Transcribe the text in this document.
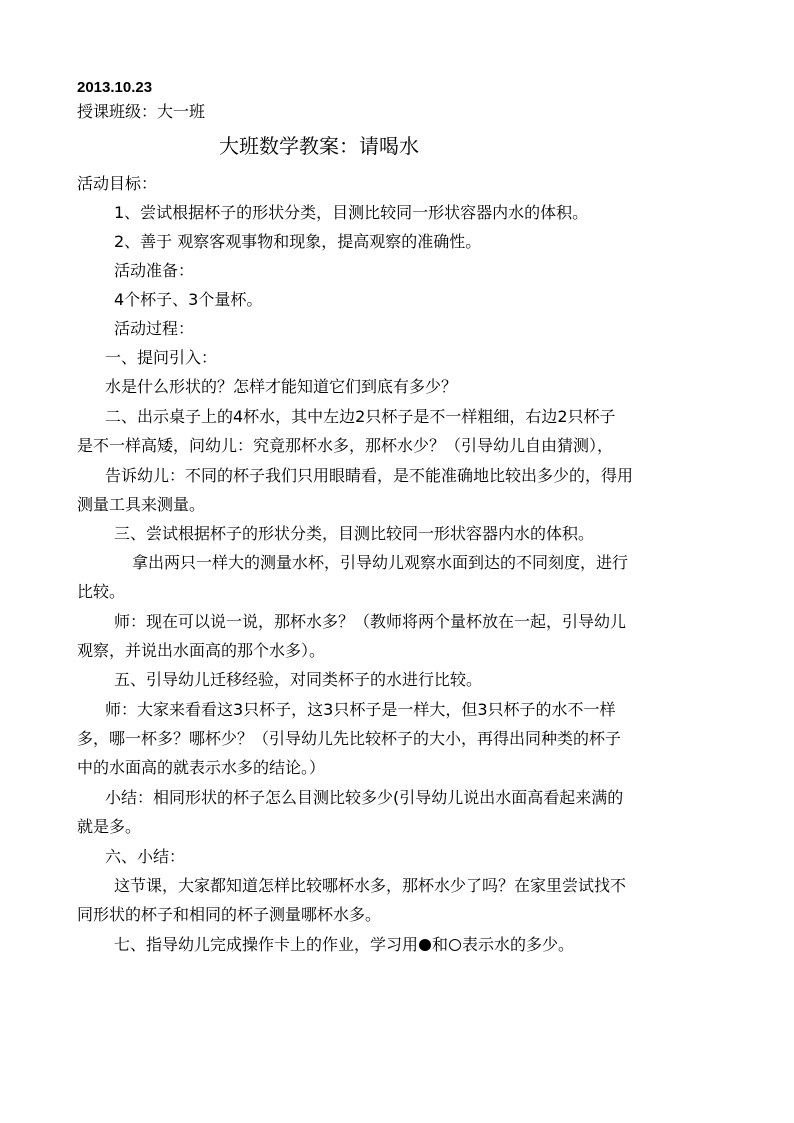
2013.10.23
授课班级：大一班
大班数学教案：请喝水
活动目标：
1、尝试根据杯子的形状分类，目测比较同一形状容器内水的体积。
2、善于 观察客观事物和现象，提高观察的准确性。
活动准备：
4个杯子、3个量杯。
活动过程：
一、提问引入：
水是什么形状的？怎样才能知道它们到底有多少？
二、出示桌子上的4杯水，其中左边2只杯子是不一样粗细，右边2只杯子
是不一样高矮，问幼儿：究竟那杯水多，那杯水少？（引导幼儿自由猜测），
告诉幼儿：不同的杯子我们只用眼睛看，是不能准确地比较出多少的，得用
测量工具来测量。
三、尝试根据杯子的形状分类，目测比较同一形状容器内水的体积。
拿出两只一样大的测量水杯，引导幼儿观察水面到达的不同刻度，进行
比较。
师：现在可以说一说，那杯水多？（教师将两个量杯放在一起，引导幼儿
观察，并说出水面高的那个水多）。
五、引导幼儿迁移经验，对同类杯子的水进行比较。
师：大家来看看这3只杯子，这3只杯子是一样大，但3只杯子的水不一样
多，哪一杯多？哪杯少？（引导幼儿先比较杯子的大小，再得出同种类的杯子
中的水面高的就表示水多的结论。）
小结：相同形状的杯子怎么目测比较多少(引导幼儿说出水面高看起来满的
就是多。
六、小结：
这节课，大家都知道怎样比较哪杯水多，那杯水少了吗？在家里尝试找不
同形状的杯子和相同的杯子测量哪杯水多。
七、指导幼儿完成操作卡上的作业，学习用 和 表示水的多少。
